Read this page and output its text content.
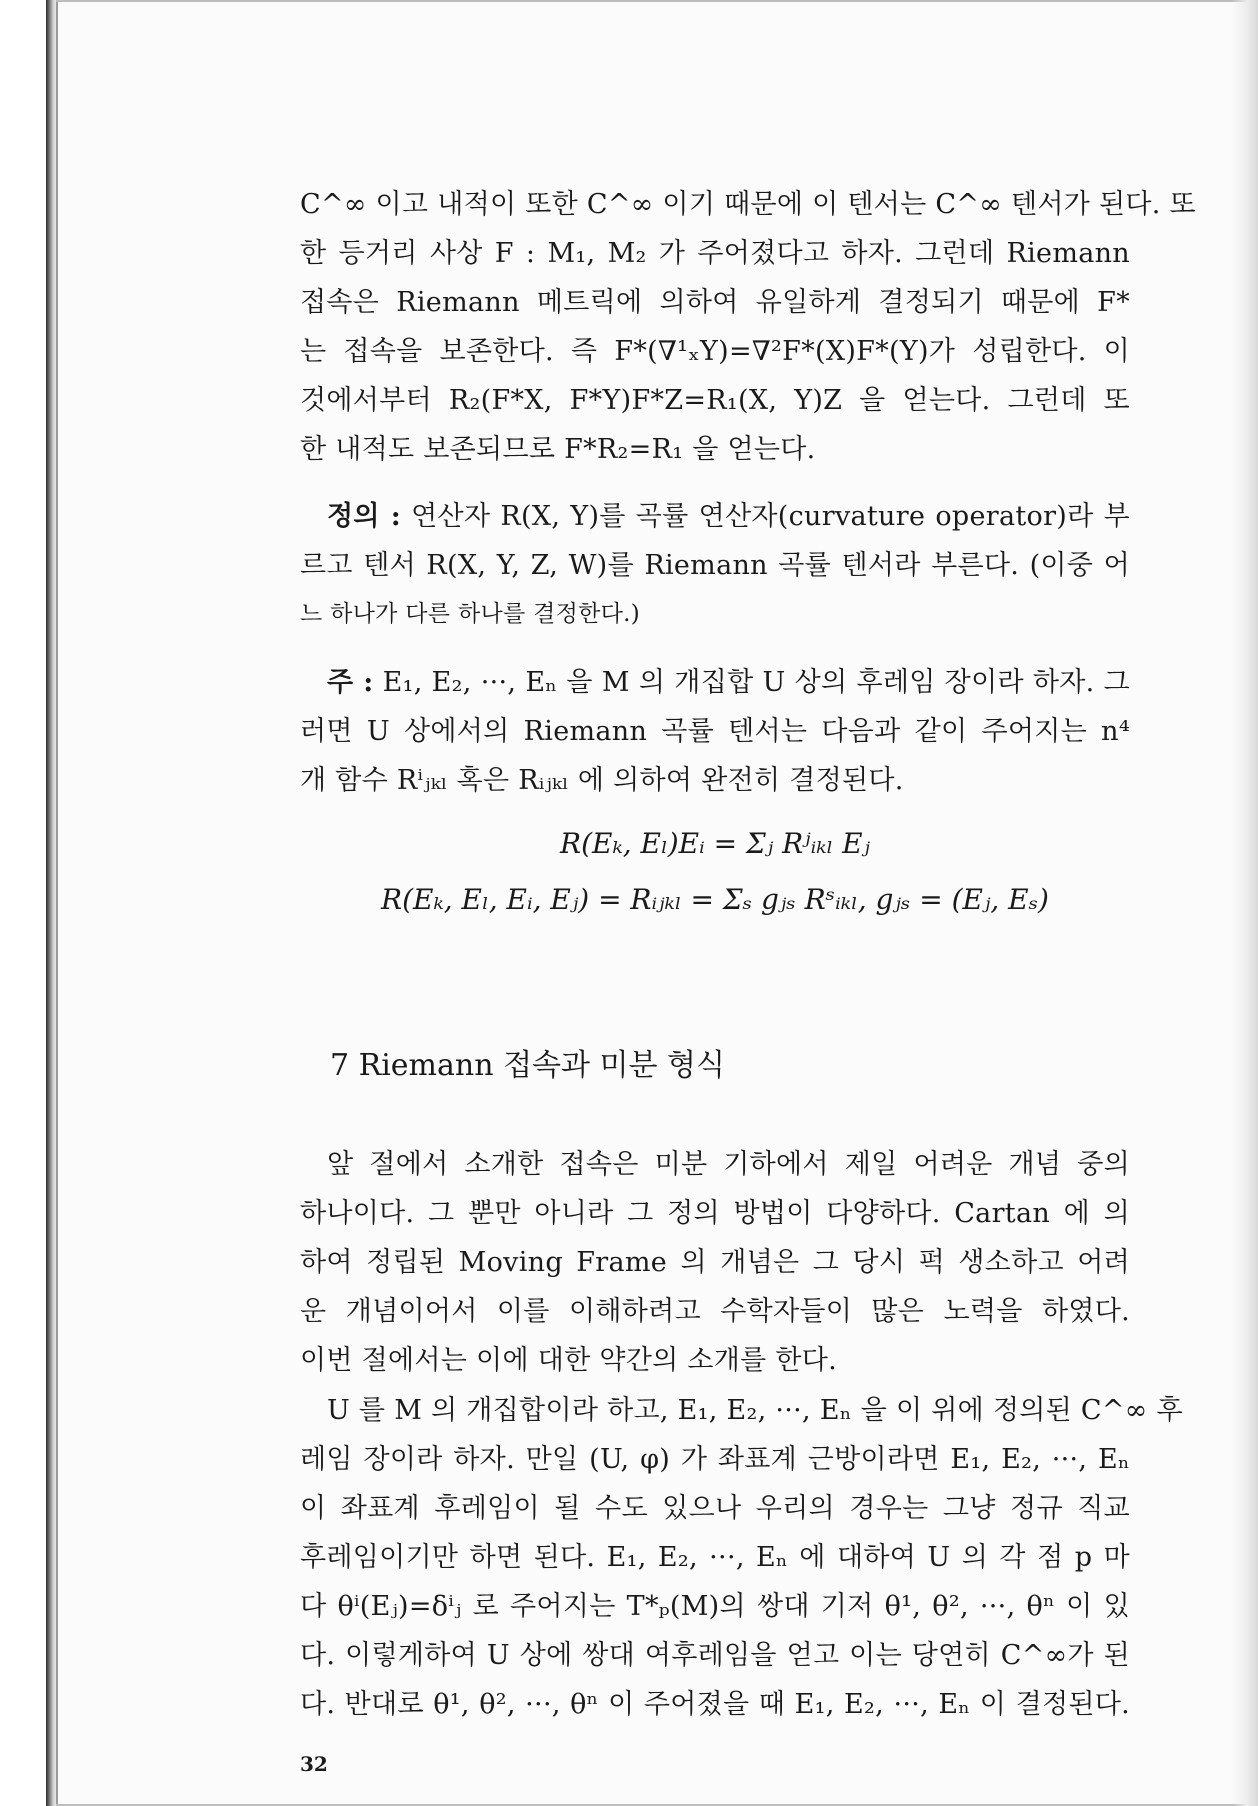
C^∞ 이고 내적이 또한 C^∞ 이기 때문에 이 텐서는 C^∞ 텐서가 된다. 또
한 등거리 사상 F : M₁, M₂ 가 주어졌다고 하자. 그런데 Riemann
접속은 Riemann 메트릭에 의하여 유일하게 결정되기 때문에 F*
는 접속을 보존한다. 즉 F*(∇¹ₓY)=∇²F*(X)F*(Y)가 성립한다. 이
것에서부터 R₂(F*X, F*Y)F*Z=R₁(X, Y)Z 을 얻는다. 그런데 또
한 내적도 보존되므로 F*R₂=R₁ 을 얻는다.
정의 : 연산자 R(X, Y)를 곡률 연산자(curvature operator)라 부
르고 텐서 R(X, Y, Z, W)를 Riemann 곡률 텐서라 부른다. (이중 어
느 하나가 다른 하나를 결정한다.)
주 : E₁, E₂, ···, Eₙ 을 M 의 개집합 U 상의 후레임 장이라 하자. 그
러면 U 상에서의 Riemann 곡률 텐서는 다음과 같이 주어지는 n⁴
개 함수 Rⁱⱼₖₗ 혹은 Rᵢⱼₖₗ 에 의하여 완전히 결정된다.
R(Eₖ, Eₗ)Eᵢ = Σⱼ Rʲᵢₖₗ Eⱼ
R(Eₖ, Eₗ, Eᵢ, Eⱼ) = Rᵢⱼₖₗ = Σₛ gⱼₛ Rˢᵢₖₗ, gⱼₛ = (Eⱼ, Eₛ)
7 Riemann 접속과 미분 형식
앞 절에서 소개한 접속은 미분 기하에서 제일 어려운 개념 중의
하나이다. 그 뿐만 아니라 그 정의 방법이 다양하다. Cartan 에 의
하여 정립된 Moving Frame 의 개념은 그 당시 퍽 생소하고 어려
운 개념이어서 이를 이해하려고 수학자들이 많은 노력을 하였다.
이번 절에서는 이에 대한 약간의 소개를 한다.
U 를 M 의 개집합이라 하고, E₁, E₂, ···, Eₙ 을 이 위에 정의된 C^∞ 후
레임 장이라 하자. 만일 (U, φ) 가 좌표계 근방이라면 E₁, E₂, ···, Eₙ
이 좌표계 후레임이 될 수도 있으나 우리의 경우는 그냥 정규 직교
후레임이기만 하면 된다. E₁, E₂, ···, Eₙ 에 대하여 U 의 각 점 p 마
다 θⁱ(Eⱼ)=δⁱⱼ 로 주어지는 T*ₚ(M)의 쌍대 기저 θ¹, θ², ···, θⁿ 이 있
다. 이렇게하여 U 상에 쌍대 여후레임을 얻고 이는 당연히 C^∞가 된
다. 반대로 θ¹, θ², ···, θⁿ 이 주어졌을 때 E₁, E₂, ···, Eₙ 이 결정된다.
32
